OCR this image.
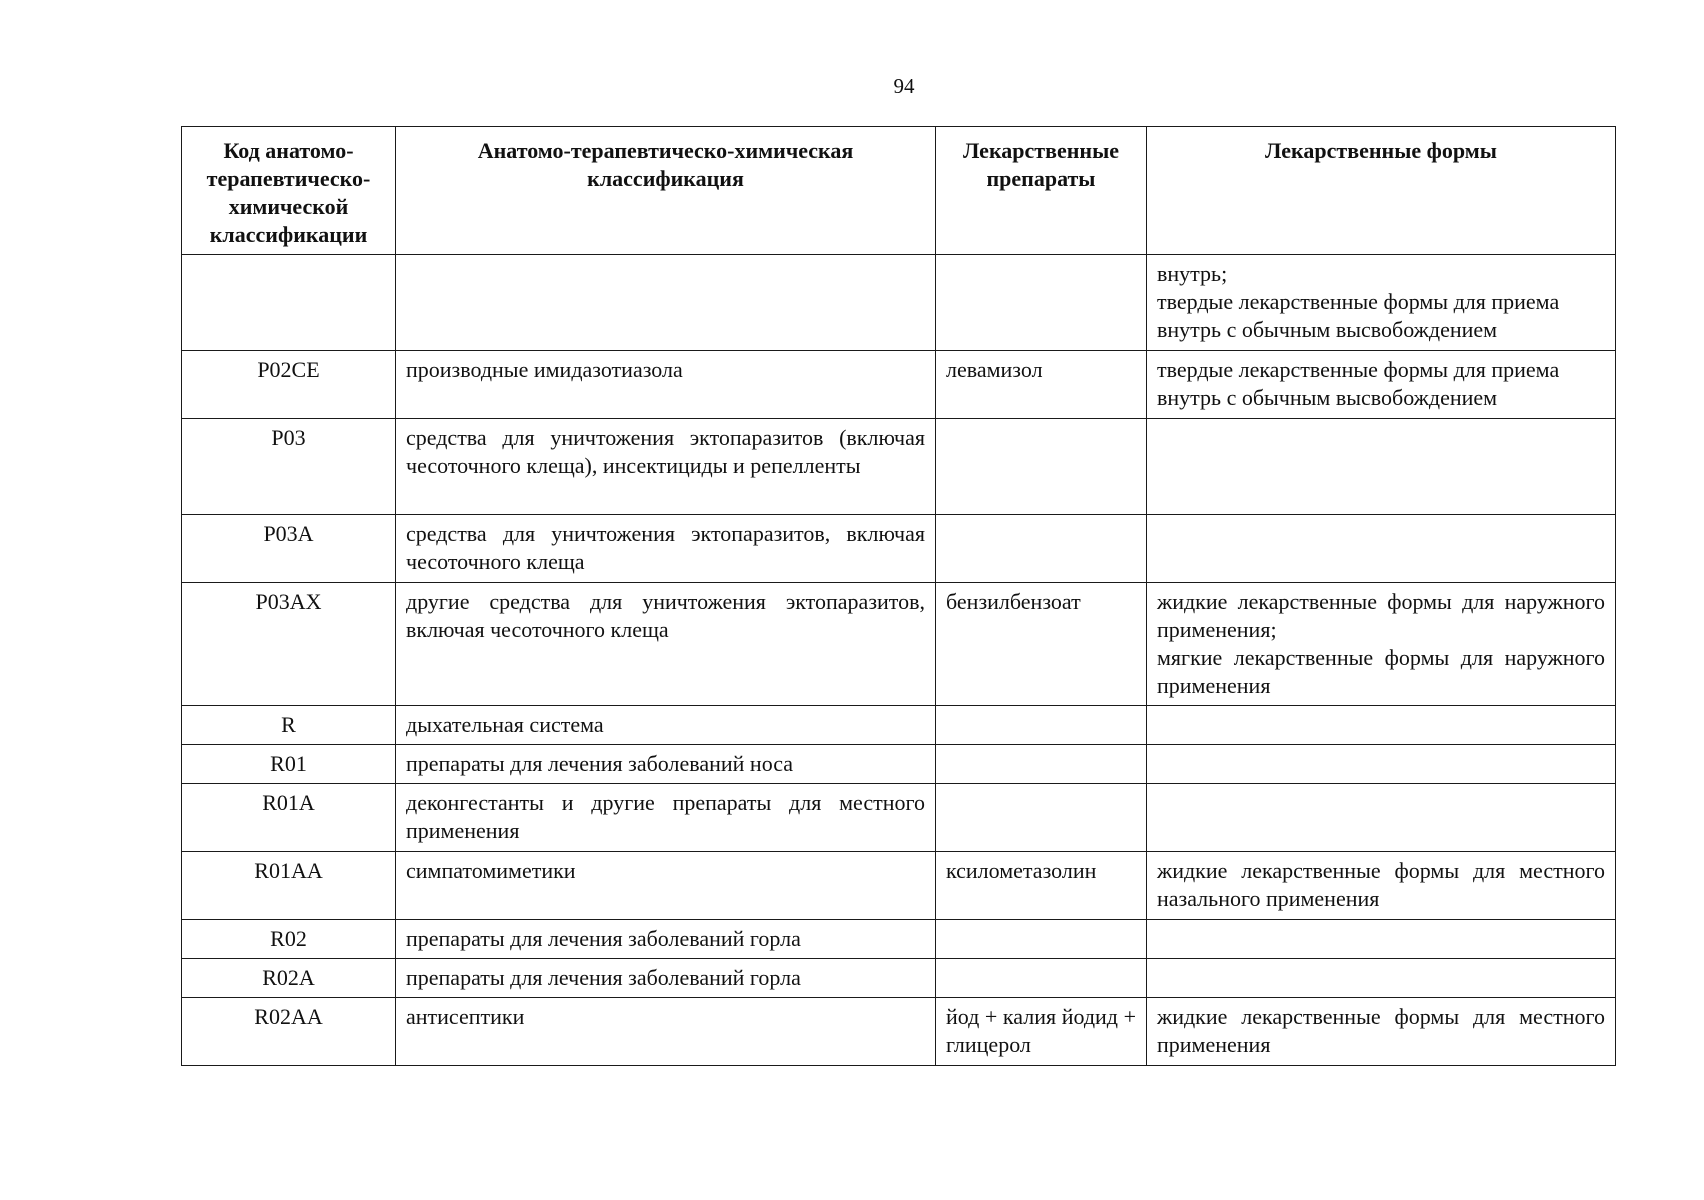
94
Код анатомо-терапевтическо-химической классификации	Анатомо-терапевтическо-химическая классификация	Лекарственные препараты	Лекарственные формы
			внутрь;
твердые лекарственные формы для приема внутрь с обычным высвобождением
P02CE	производные имидазотиазола	левамизол	твердые лекарственные формы для приема внутрь с обычным высвобождением
P03	средства для уничтожения эктопаразитов (включая чесоточного клеща), инсектициды и репелленты		
P03A	средства для уничтожения эктопаразитов, включая чесоточного клеща		
P03AX	другие средства для уничтожения эктопаразитов, включая чесоточного клеща	бензилбензоат	жидкие лекарственные формы для наружного применения;
мягкие лекарственные формы для наружного применения
R	дыхательная система		
R01	препараты для лечения заболеваний носа		
R01A	деконгестанты и другие препараты для местного применения		
R01AA	симпатомиметики	ксилометазолин	жидкие лекарственные формы для местного назального применения
R02	препараты для лечения заболеваний горла		
R02A	препараты для лечения заболеваний горла		
R02AA	антисептики	йод + калия йодид + глицерол	жидкие лекарственные формы для местного применения
